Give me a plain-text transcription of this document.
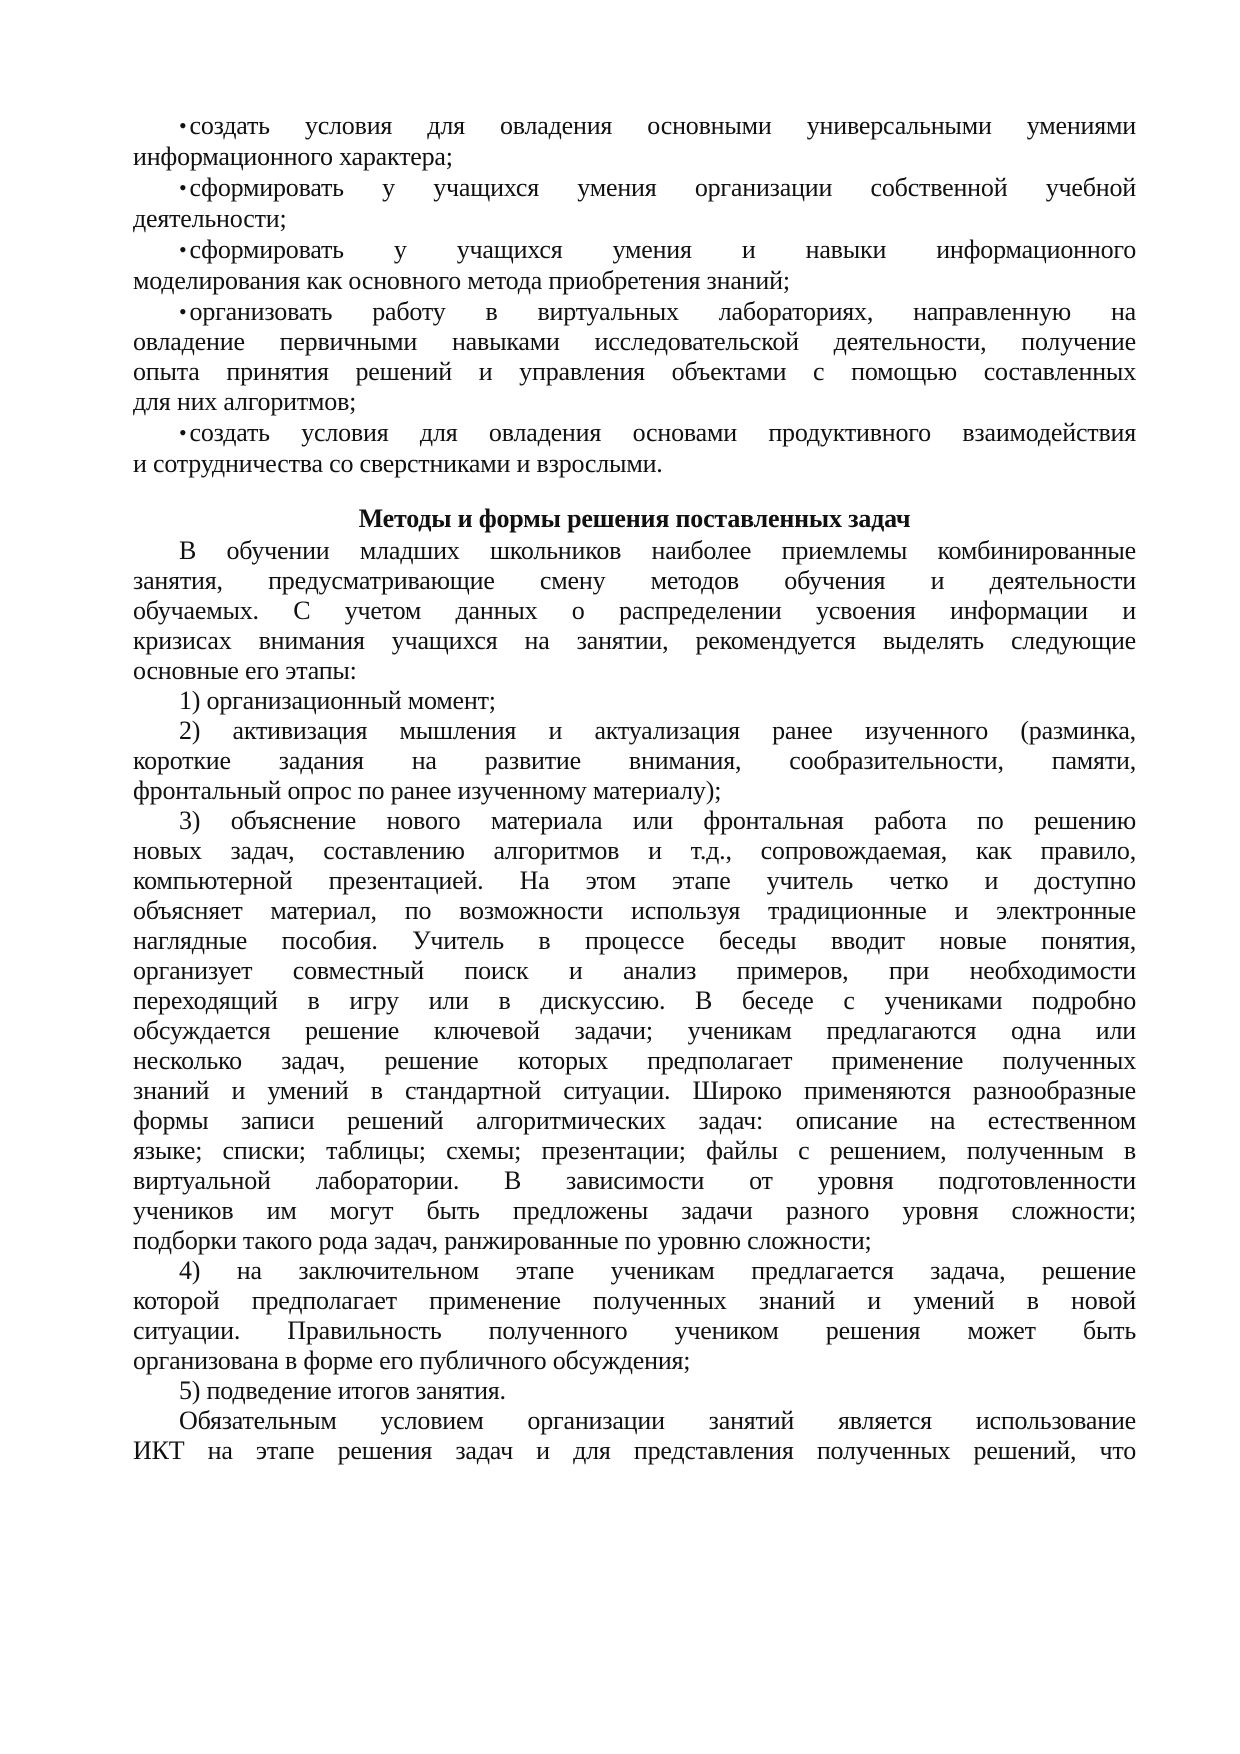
• создать условия для овладения основными универсальными умениями
информационного характера;
• сформировать у учащихся умения организации собственной учебной
деятельности;
• сформировать у учащихся умения и навыки информационного
моделирования как основного метода приобретения знаний;
• организовать работу в виртуальных лабораториях, направленную на
овладение первичными навыками исследовательской деятельности, получение
опыта принятия решений и управления объектами с помощью составленных
для них алгоритмов;
• создать условия для овладения основами продуктивного взаимодействия
и сотрудничества со сверстниками и взрослыми.
Методы и формы решения поставленных задач
В обучении младших школьников наиболее приемлемы комбинированные
занятия, предусматривающие смену методов обучения и деятельности
обучаемых. С учетом данных о распределении усвоения информации и
кризисах внимания учащихся на занятии, рекомендуется выделять следующие
основные его этапы:
1) организационный момент;
2) активизация мышления и актуализация ранее изученного (разминка,
короткие задания на развитие внимания, сообразительности, памяти,
фронтальный опрос по ранее изученному материалу);
3) объяснение нового материала или фронтальная работа по решению
новых задач, составлению алгоритмов и т.д., сопровождаемая, как правило,
компьютерной презентацией. На этом этапе учитель четко и доступно
объясняет материал, по возможности используя традиционные и электронные
наглядные пособия. Учитель в процессе беседы вводит новые понятия,
организует совместный поиск и анализ примеров, при необходимости
переходящий в игру или в дискуссию. В беседе с учениками подробно
обсуждается решение ключевой задачи; ученикам предлагаются одна или
несколько задач, решение которых предполагает применение полученных
знаний и умений в стандартной ситуации. Широко применяются разнообразные
формы записи решений алгоритмических задач: описание на естественном
языке; списки; таблицы; схемы; презентации; файлы с решением, полученным в
виртуальной лаборатории. В зависимости от уровня подготовленности
учеников им могут быть предложены задачи разного уровня сложности;
подборки такого рода задач, ранжированные по уровню сложности;
4) на заключительном этапе ученикам предлагается задача, решение
которой предполагает применение полученных знаний и умений в новой
ситуации. Правильность полученного учеником решения может быть
организована в форме его публичного обсуждения;
5) подведение итогов занятия.
Обязательным условием организации занятий является использование
ИКТ на этапе решения задач и для представления полученных решений, что
